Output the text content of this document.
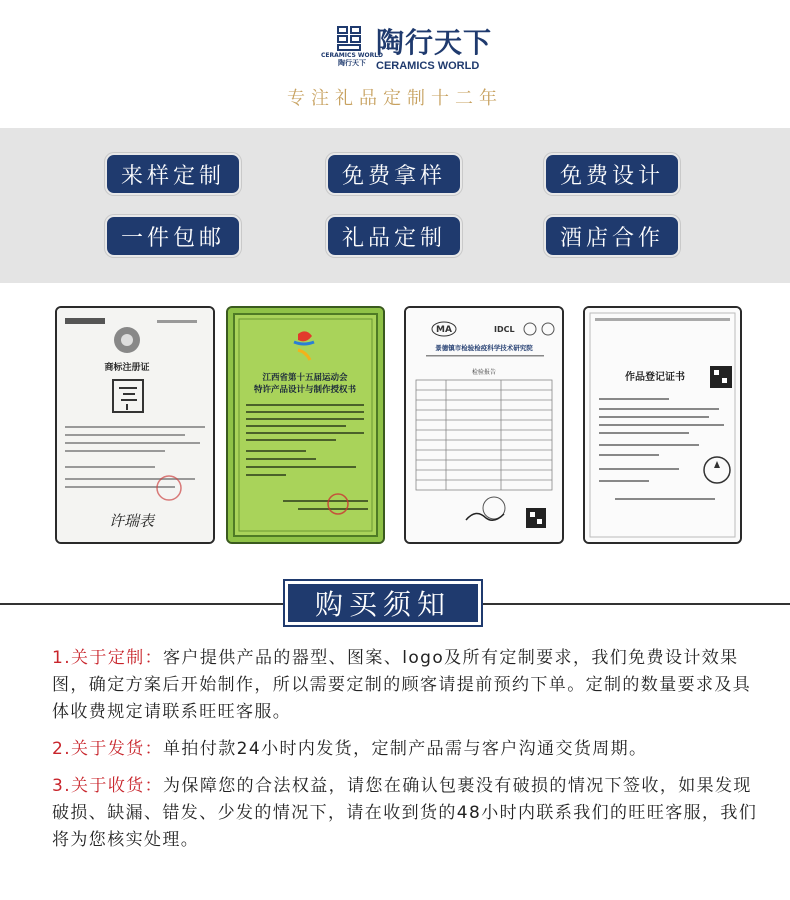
CERAMICS WORLD
陶行天下
陶行天下
CERAMICS WORLD
专注礼品定制十二年
来样定制	免费拿样	免费设计
一件包邮	礼品定制	酒店合作
商标注册证
许瑞表
江西省第十五届运动会
特许产品设计与制作授权书
MA	IDCL
景德镇市检验检疫科学技术研究院
检验报告	作品登记证书
购买须知

1.关于定制：客户提供产品的器型、图案、logo及所有定制要求，我们免费设计效果图，确定方案后开始制作，所以需要定制的顾客请提前预约下单。定制的数量要求及具体收费规定请联系旺旺客服。

2.关于发货：单拍付款24小时内发货，定制产品需与客户沟通交货周期。

3.关于收货：为保障您的合法权益，请您在确认包裹没有破损的情况下签收，如果发现破损、缺漏、错发、少发的情况下，请在收到货的48小时内联系我们的旺旺客服，我们将为您核实处理。
